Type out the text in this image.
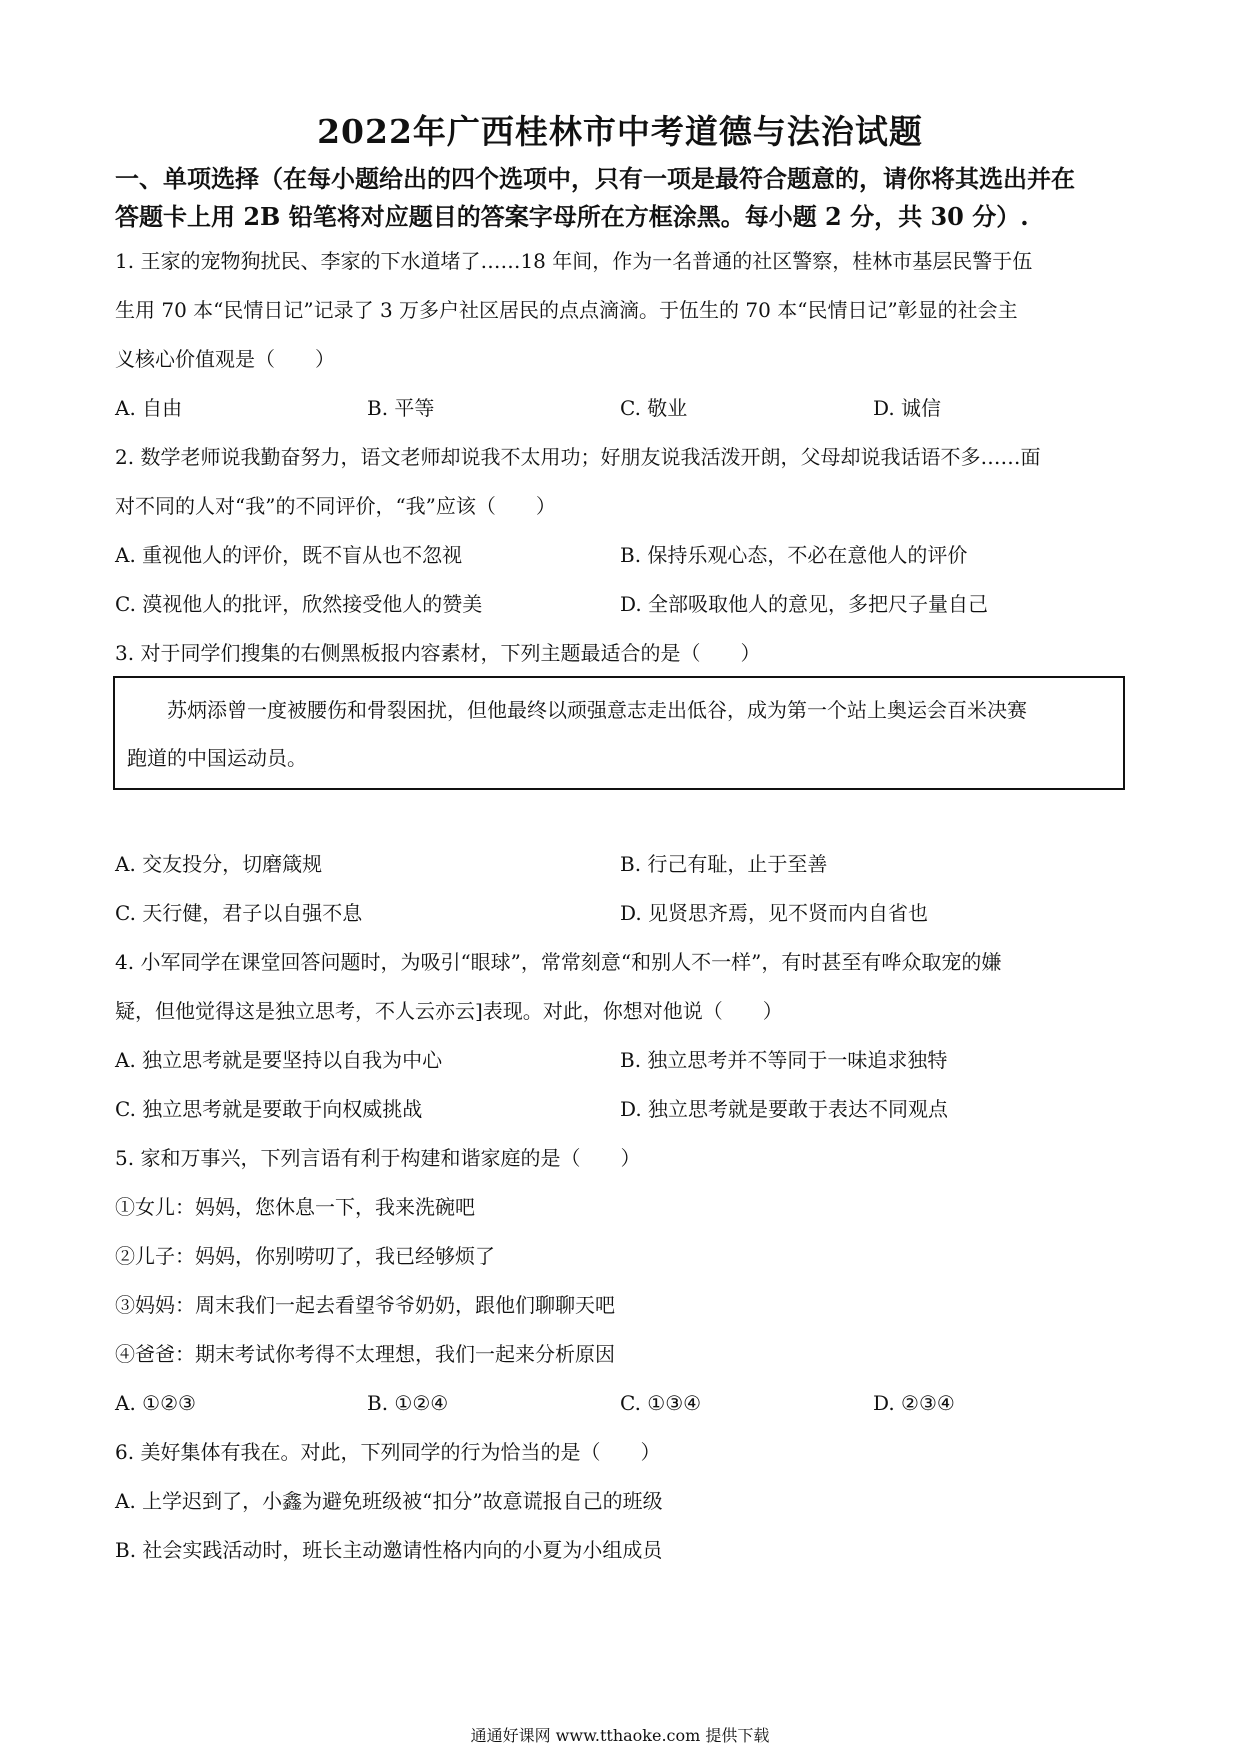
2022年广西桂林市中考道德与法治试题
一、单项选择（在每小题给出的四个选项中，只有一项是最符合题意的，请你将其选出并在
答题卡上用 2B 铅笔将对应题目的答案字母所在方框涂黑。每小题 2 分，共 30 分）.
1. 王家的宠物狗扰民、李家的下水道堵了……18 年间，作为一名普通的社区警察，桂林市基层民警于伍
生用 70 本“民情日记”记录了 3 万多户社区居民的点点滴滴。于伍生的 70 本“民情日记”彰显的社会主
义核心价值观是（　　）
A. 自由	B. 平等	C. 敬业	D. 诚信
2. 数学老师说我勤奋努力，语文老师却说我不太用功；好朋友说我活泼开朗，父母却说我话语不多……面
对不同的人对“我”的不同评价，“我”应该（　　）
A. 重视他人的评价，既不盲从也不忽视	B. 保持乐观心态，不必在意他人的评价
C. 漠视他人的批评，欣然接受他人的赞美	D. 全部吸取他人的意见，多把尺子量自己
3. 对于同学们搜集的右侧黑板报内容素材，下列主题最适合的是（　　）
　　苏炳添曾一度被腰伤和骨裂困扰，但他最终以顽强意志走出低谷，成为第一个站上奥运会百米决赛
跑道的中国运动员。
A. 交友投分，切磨箴规	B. 行己有耻，止于至善
C. 天行健，君子以自强不息	D. 见贤思齐焉，见不贤而内自省也
4. 小军同学在课堂回答问题时，为吸引“眼球”，常常刻意“和别人不一样”，有时甚至有哗众取宠的嫌
疑，但他觉得这是独立思考，不人云亦云]表现。对此，你想对他说（　　）
A. 独立思考就是要坚持以自我为中心	B. 独立思考并不等同于一味追求独特
C. 独立思考就是要敢于向权威挑战	D. 独立思考就是要敢于表达不同观点
5. 家和万事兴，下列言语有利于构建和谐家庭的是（　　）
①女儿：妈妈，您休息一下，我来洗碗吧
②儿子：妈妈，你别唠叨了，我已经够烦了
③妈妈：周末我们一起去看望爷爷奶奶，跟他们聊聊天吧
④爸爸：期末考试你考得不太理想，我们一起来分析原因
A. ①②③	B. ①②④	C. ①③④	D. ②③④
6. 美好集体有我在。对此，下列同学的行为恰当的是（　　）
A. 上学迟到了，小鑫为避免班级被“扣分”故意谎报自己的班级
B. 社会实践活动时，班长主动邀请性格内向的小夏为小组成员
通通好课网 www.tthaoke.com 提供下载
